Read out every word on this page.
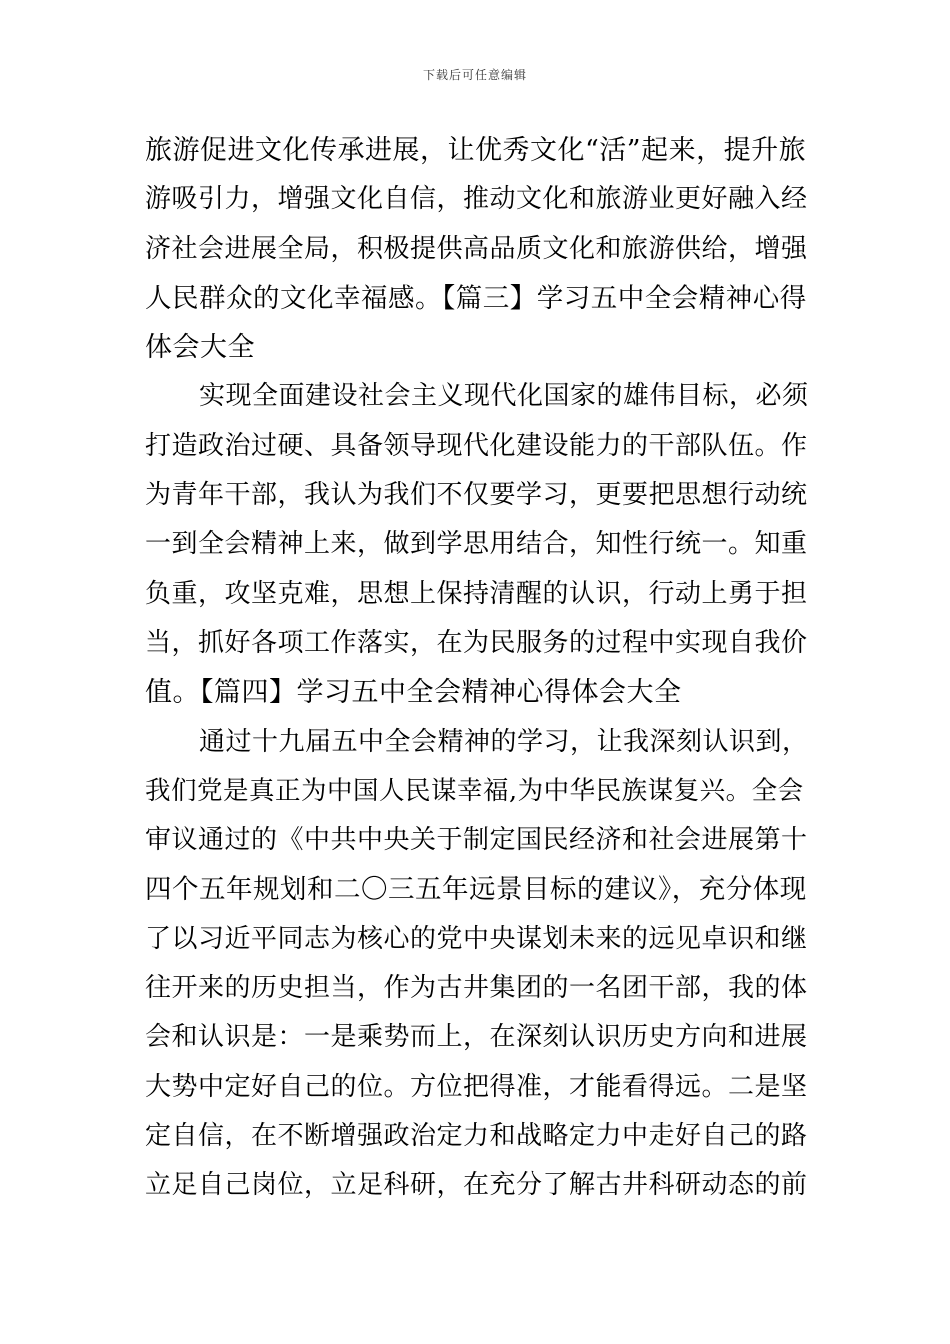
下载后可任意编辑
旅游促进文化传承进展，让优秀文化“活”起来，提升旅
游吸引力，增强文化自信，推动文化和旅游业更好融入经
济社会进展全局，积极提供高品质文化和旅游供给，增强
人民群众的文化幸福感。【篇三】学习五中全会精神心得
体会大全
实现全面建设社会主义现代化国家的雄伟目标，必须
打造政治过硬、具备领导现代化建设能力的干部队伍。作
为青年干部，我认为我们不仅要学习，更要把思想行动统
一到全会精神上来，做到学思用结合，知性行统一。知重
负重，攻坚克难，思想上保持清醒的认识，行动上勇于担
当，抓好各项工作落实，在为民服务的过程中实现自我价
值。【篇四】学习五中全会精神心得体会大全
通过十九届五中全会精神的学习，让我深刻认识到，
我们党是真正为中国人民谋幸福,为中华民族谋复兴。全会
审议通过的《中共中央关于制定国民经济和社会进展第十
四个五年规划和二〇三五年远景目标的建议》，充分体现
了以习近平同志为核心的党中央谋划未来的远见卓识和继
往开来的历史担当，作为古井集团的一名团干部，我的体
会和认识是：一是乘势而上，在深刻认识历史方向和进展
大势中定好自己的位。方位把得准，才能看得远。二是坚
定自信，在不断增强政治定力和战略定力中走好自己的路
立足自己岗位，立足科研，在充分了解古井科研动态的前
